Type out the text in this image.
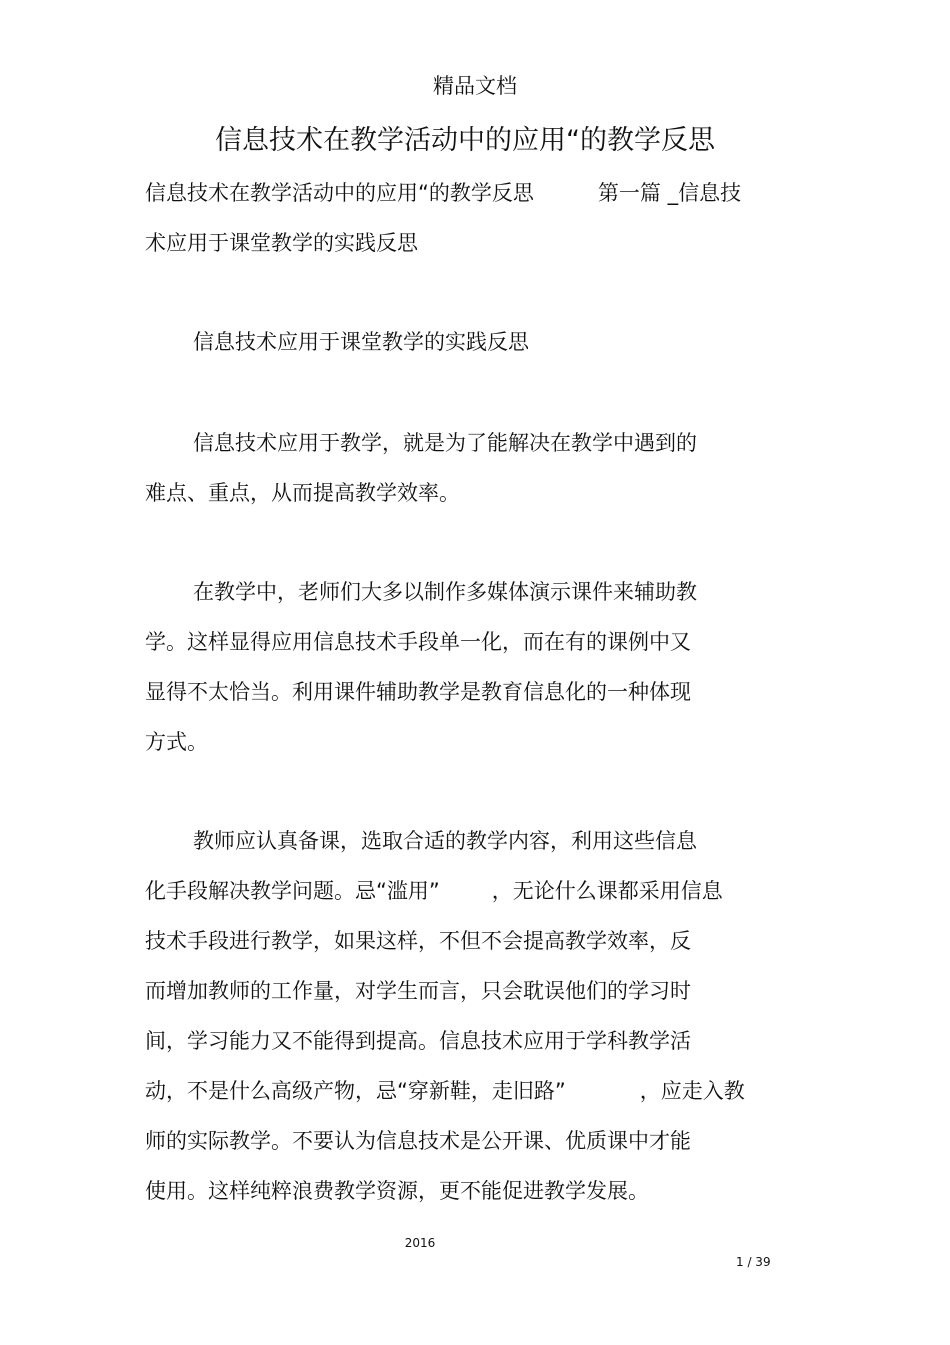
精品文档
信息技术在教学活动中的应用“的教学反思
信息技术在教学活动中的应用“的教学反思	第一篇 _信息技
术应用于课堂教学的实践反思
信息技术应用于课堂教学的实践反思
信息技术应用于教学，就是为了能解决在教学中遇到的
难点、重点，从而提高教学效率。
在教学中，老师们大多以制作多媒体演示课件来辅助教
学。这样显得应用信息技术手段单一化，而在有的课例中又
显得不太恰当。利用课件辅助教学是教育信息化的一种体现
方式。
教师应认真备课，选取合适的教学内容，利用这些信息
化手段解决教学问题。忌“滥用” ，无论什么课都采用信息
技术手段进行教学，如果这样，不但不会提高教学效率，反
而增加教师的工作量，对学生而言，只会耽误他们的学习时
间，学习能力又不能得到提高。信息技术应用于学科教学活
动，不是什么高级产物，忌“穿新鞋，走旧路”	，应走入教
师的实际教学。不要认为信息技术是公开课、优质课中才能
使用。这样纯粹浪费教学资源，更不能促进教学发展。
2016
1 / 39
